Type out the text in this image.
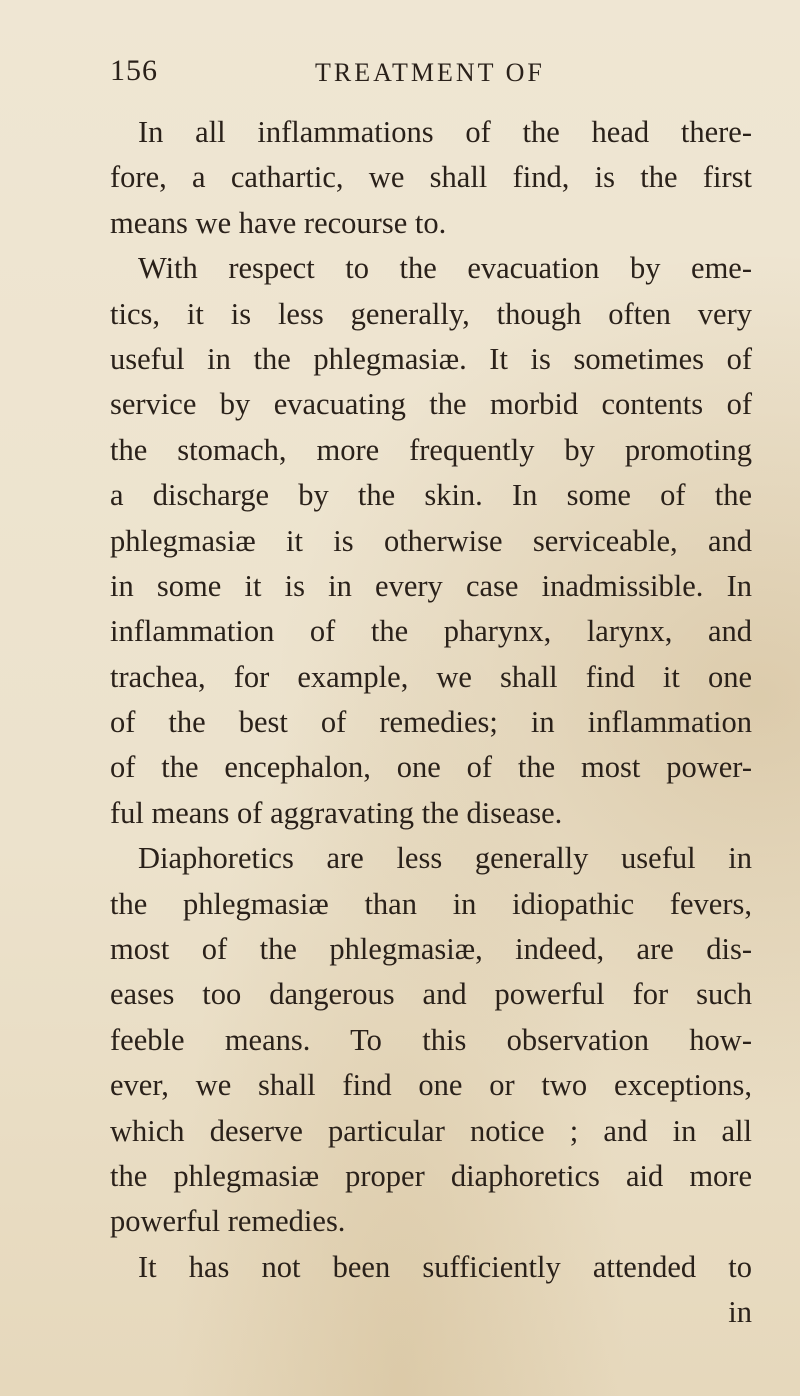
156	TREATMENT OF
In all inflammations of the head there-
fore, a cathartic, we shall find, is the first
means we have recourse to.
With respect to the evacuation by eme-
tics, it is less generally, though often very
useful in the phlegmasiæ. It is sometimes of
service by evacuating the morbid contents of
the stomach, more frequently by promoting
a discharge by the skin. In some of the
phlegmasiæ it is otherwise serviceable, and
in some it is in every case inadmissible. In
inflammation of the pharynx, larynx, and
trachea, for example, we shall find it one
of the best of remedies; in inflammation
of the encephalon, one of the most power-
ful means of aggravating the disease.
Diaphoretics are less generally useful in
the phlegmasiæ than in idiopathic fevers,
most of the phlegmasiæ, indeed, are dis-
eases too dangerous and powerful for such
feeble means. To this observation how-
ever, we shall find one or two exceptions,
which deserve particular notice ; and in all
the phlegmasiæ proper diaphoretics aid more
powerful remedies.
It has not been sufficiently attended to
in
